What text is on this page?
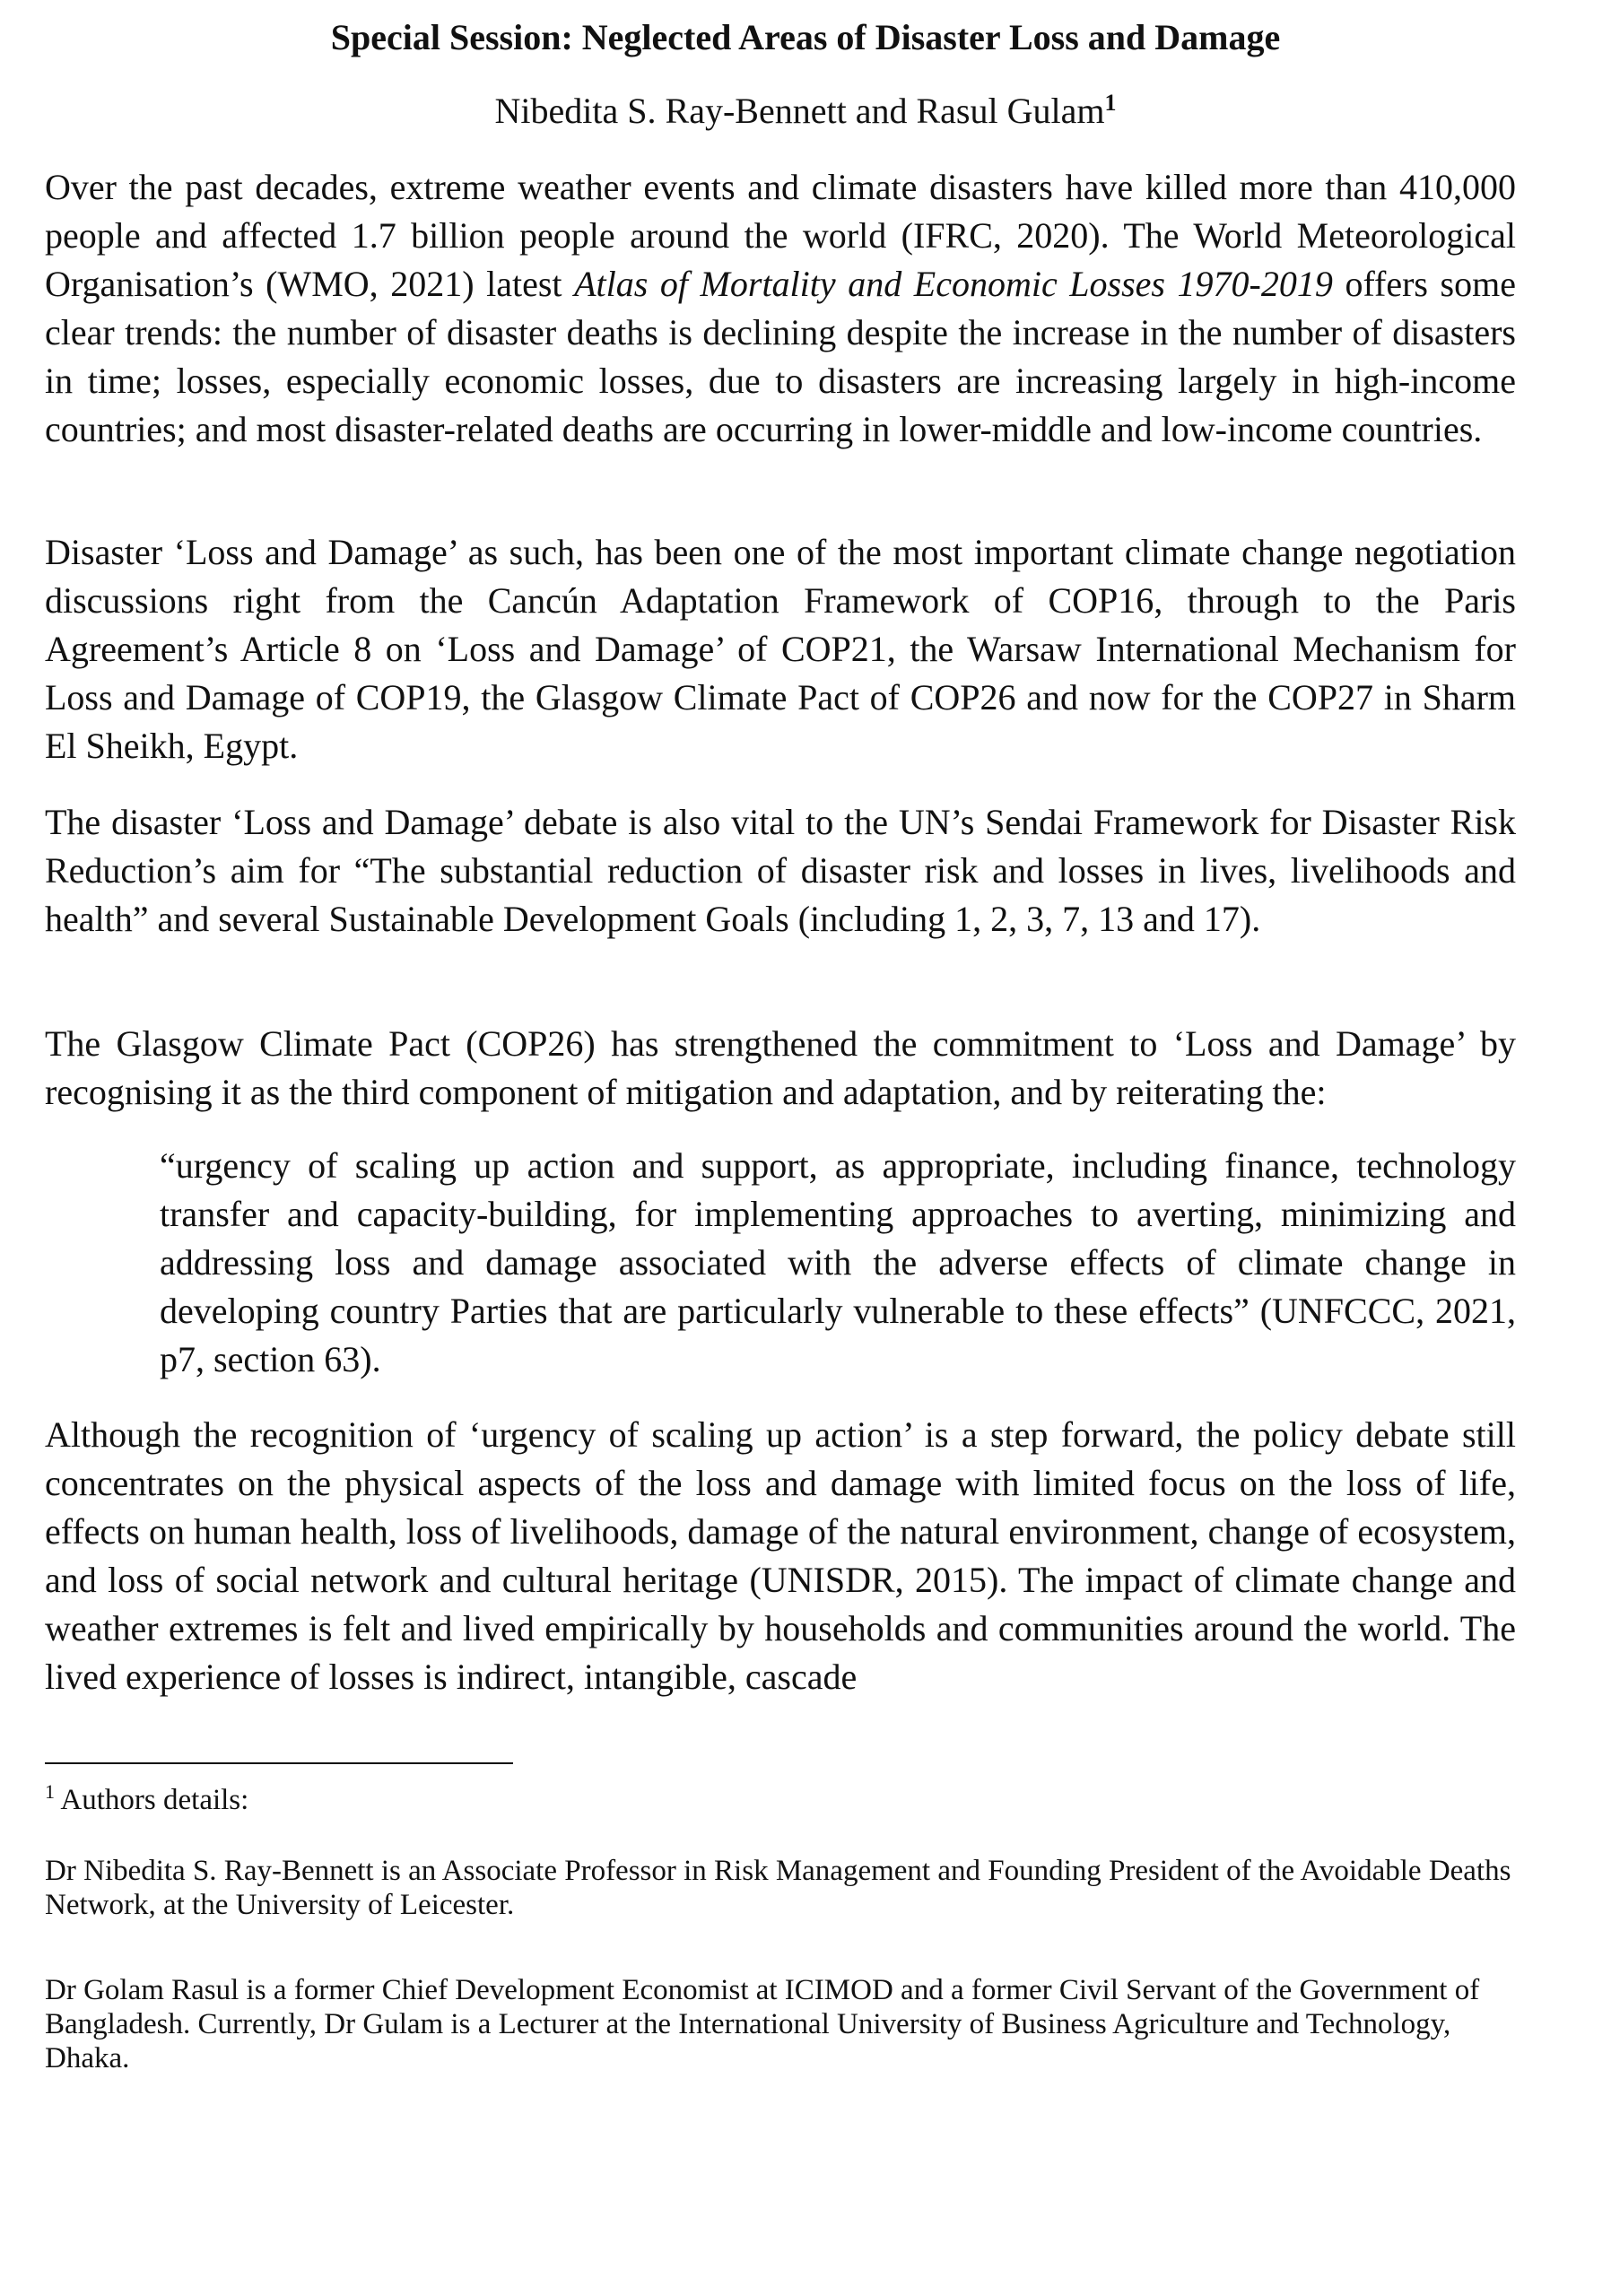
Special Session: Neglected Areas of Disaster Loss and Damage
Nibedita S. Ray-Bennett and Rasul Gulam$^1$

Over the past decades, extreme weather events and climate disasters have killed more than 410,000 people and affected 1.7 billion people around the world (IFRC, 2020). The World Meteorological Organisation’s (WMO, 2021) latest Atlas of Mortality and Economic Losses 1970-2019 offers some clear trends: the number of disaster deaths is declining despite the increase in the number of disasters in time; losses, especially economic losses, due to disasters are increasing largely in high-income countries; and most disaster-related deaths are occurring in lower-middle and low-income countries.

Disaster ‘Loss and Damage’ as such, has been one of the most important climate change negotiation discussions right from the Cancún Adaptation Framework of COP16, through to the Paris Agreement’s Article 8 on ‘Loss and Damage’ of COP21, the Warsaw International Mechanism for Loss and Damage of COP19, the Glasgow Climate Pact of COP26 and now for the COP27 in Sharm El Sheikh, Egypt.

The disaster ‘Loss and Damage’ debate is also vital to the UN’s Sendai Framework for Disaster Risk Reduction’s aim for “The substantial reduction of disaster risk and losses in lives, livelihoods and health” and several Sustainable Development Goals (including 1, 2, 3, 7, 13 and 17).

The Glasgow Climate Pact (COP26) has strengthened the commitment to ‘Loss and Damage’ by recognising it as the third component of mitigation and adaptation, and by reiterating the:

“urgency of scaling up action and support, as appropriate, including finance, technology transfer and capacity-building, for implementing approaches to averting, minimizing and addressing loss and damage associated with the adverse effects of climate change in developing country Parties that are particularly vulnerable to these effects” (UNFCCC, 2021, p7, section 63).

Although the recognition of ‘urgency of scaling up action’ is a step forward, the policy debate still concentrates on the physical aspects of the loss and damage with limited focus on the loss of life, effects on human health, loss of livelihoods, damage of the natural environment, change of ecosystem, and loss of social network and cultural heritage (UNISDR, 2015). The impact of climate change and weather extremes is felt and lived empirically by households and communities around the world. The lived experience of losses is indirect, intangible, cascade

$^1$ Authors details:

Dr Nibedita S. Ray-Bennett is an Associate Professor in Risk Management and Founding President of the Avoidable Deaths Network, at the University of Leicester.

Dr Golam Rasul is a former Chief Development Economist at ICIMOD and a former Civil Servant of the Government of Bangladesh. Currently, Dr Gulam is a Lecturer at the International University of Business Agriculture and Technology, Dhaka.
